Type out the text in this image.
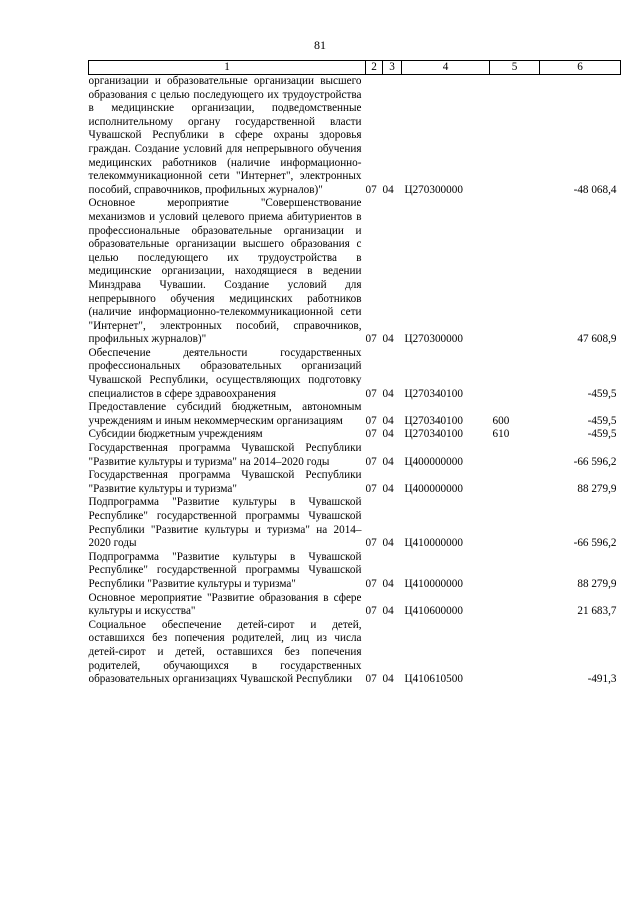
81
1	2	3	4	5	6
организации и образовательные организации высшего образования с целью последующего их трудоустройства в медицинские организации, подведомственные исполнительному органу государственной власти Чувашской Республики в сфере охраны здоровья граждан. Создание условий для непрерывного обучения медицинских работников (наличие информационно-телекоммуникационной сети "Интернет", электронных пособий, справочников, профильных журналов)"	07	04	Ц270300000		-48 068,4
Основное мероприятие "Совершенствование механизмов и условий целевого приема абитуриентов в профессиональные образовательные организации и образовательные организации высшего образования с целью последующего их трудоустройства в медицинские организации, находящиеся в ведении Минздрава Чувашии. Создание условий для непрерывного обучения медицинских работников (наличие информационно-телекоммуникационной сети "Интернет", электронных пособий, справочников, профильных журналов)"	07	04	Ц270300000		47 608,9
Обеспечение деятельности государственных профессиональных образовательных организаций Чувашской Республики, осуществляющих подготовку специалистов в сфере здравоохранения	07	04	Ц270340100		-459,5
Предоставление субсидий бюджетным, автономным учреждениям и иным некоммерческим организациям	07	04	Ц270340100	600	-459,5
Субсидии бюджетным учреждениям	07	04	Ц270340100	610	-459,5
Государственная программа Чувашской Республики "Развитие культуры и туризма" на 2014–2020 годы	07	04	Ц400000000		-66 596,2
Государственная программа Чувашской Республики "Развитие культуры и туризма"	07	04	Ц400000000		88 279,9
Подпрограмма "Развитие культуры в Чувашской Республике" государственной программы Чувашской Республики "Развитие культуры и туризма" на 2014–2020 годы	07	04	Ц410000000		-66 596,2
Подпрограмма "Развитие культуры в Чувашской Республике" государственной программы Чувашской Республики "Развитие культуры и туризма"	07	04	Ц410000000		88 279,9
Основное мероприятие "Развитие образования в сфере культуры и искусства"	07	04	Ц410600000		21 683,7
Социальное обеспечение детей-сирот и детей, оставшихся без попечения родителей, лиц из числа детей-сирот и детей, оставшихся без попечения родителей, обучающихся в государственных образовательных организациях Чувашской Республики	07	04	Ц410610500		-491,3
